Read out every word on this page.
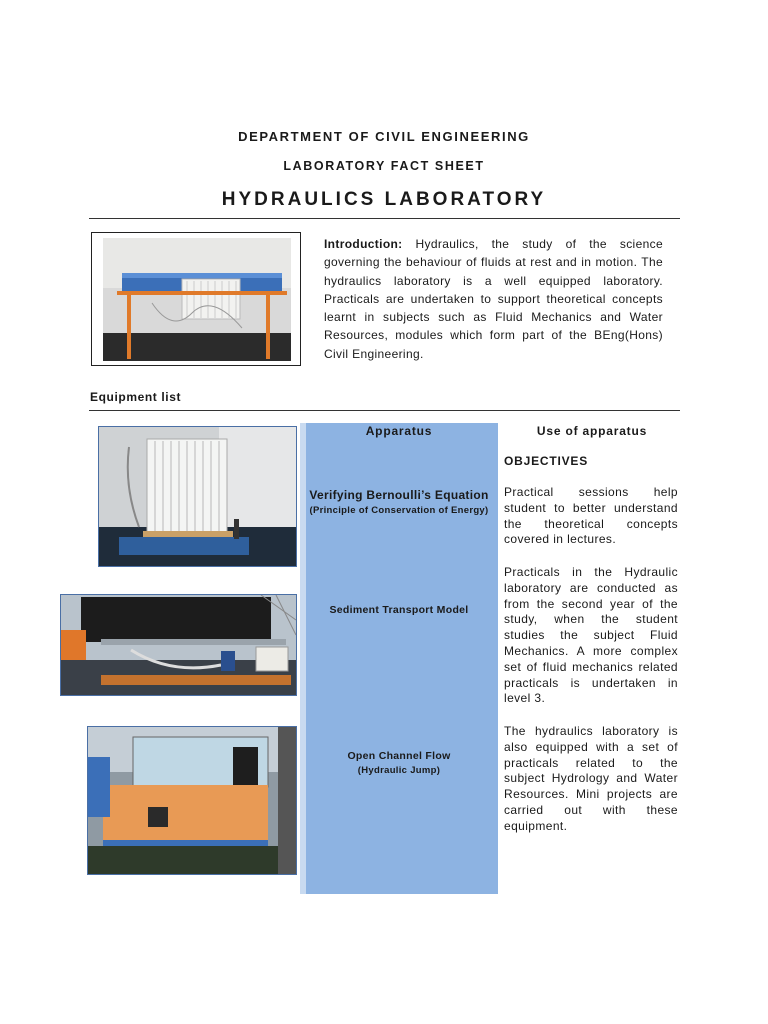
DEPARTMENT OF CIVIL ENGINEERING
LABORATORY FACT SHEET
HYDRAULICS LABORATORY
Introduction: Hydraulics, the study of the science governing the behaviour of fluids at rest and in motion. The hydraulics laboratory is a well equipped laboratory. Practicals are undertaken to support theoretical concepts learnt in subjects such as Fluid Mechanics and Water Resources, modules which form part of the BEng(Hons) Civil Engineering.
Equipment list
Apparatus	Use of apparatus
Verifying Bernoulli’s Equation
(Principle of Conservation of Energy)
Sediment Transport Model
Open Channel Flow
(Hydraulic Jump)
OBJECTIVES
Practical sessions help student to better understand the theoretical concepts covered in lectures.
Practicals in the Hydraulic laboratory are conducted as from the second year of the study, when the student studies the subject Fluid Mechanics. A more complex set of fluid mechanics related practicals is undertaken in level 3.
The hydraulics laboratory is also equipped with a set of practicals related to the subject Hydrology and Water Resources. Mini projects are carried out with these equipment.
